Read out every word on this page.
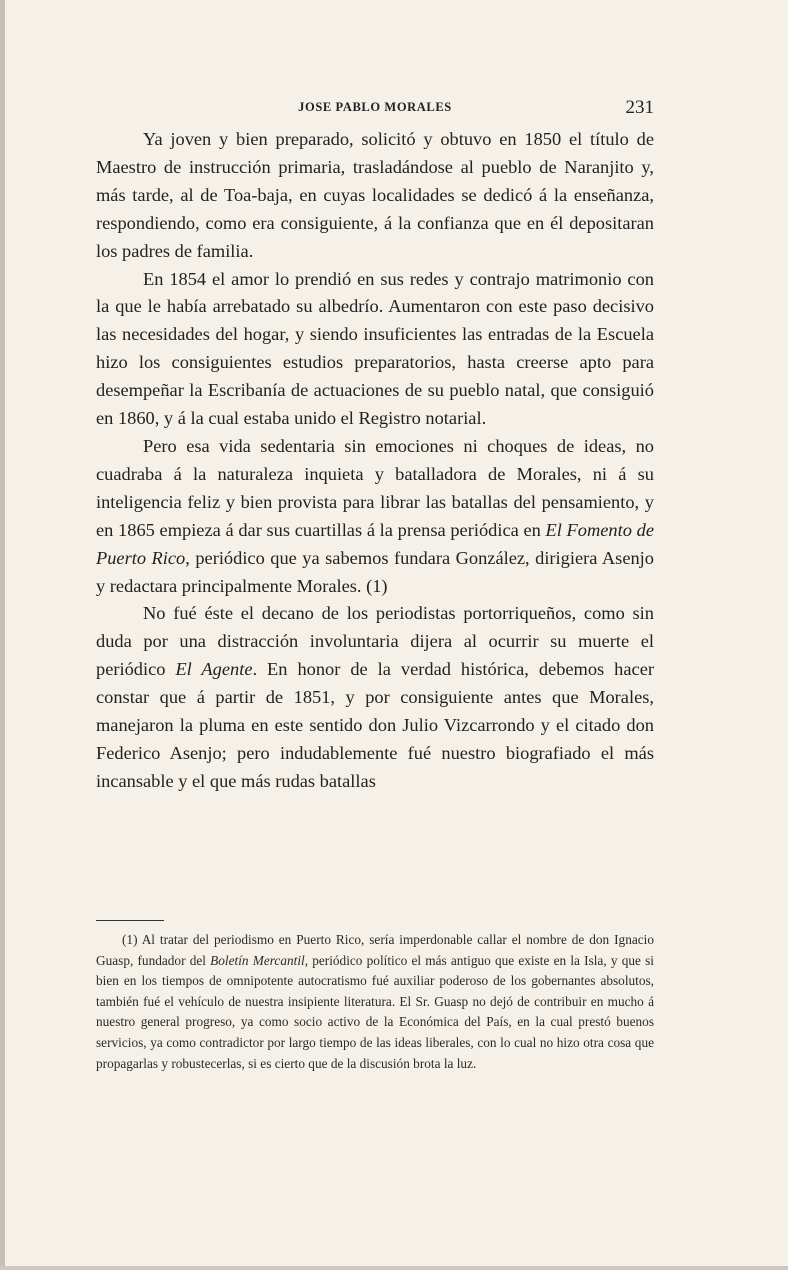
JOSE PABLO MORALES	231

Ya joven y bien preparado, solicitó y obtuvo en 1850 el título de Maestro de instrucción primaria, trasladándose al pueblo de Naranjito y, más tarde, al de Toa-baja, en cuyas localidades se dedicó á la enseñanza, respondiendo, como era consiguiente, á la confianza que en él depositaran los padres de familia.

En 1854 el amor lo prendió en sus redes y contrajo matrimonio con la que le había arrebatado su albedrío. Aumentaron con este paso decisivo las necesidades del hogar, y siendo insuficientes las entradas de la Escuela hizo los consiguientes estudios preparatorios, hasta creerse apto para desempeñar la Escribanía de actuaciones de su pueblo natal, que consiguió en 1860, y á la cual estaba unido el Registro notarial.

Pero esa vida sedentaria sin emociones ni choques de ideas, no cuadraba á la naturaleza inquieta y batalladora de Morales, ni á su inteligencia feliz y bien provista para librar las batallas del pensamiento, y en 1865 empieza á dar sus cuartillas á la prensa periódica en El Fomento de Puerto Rico, periódico que ya sabemos fundara González, dirigiera Asenjo y redactara principalmente Morales. (1)

No fué éste el decano de los periodistas portorriqueños, como sin duda por una distracción involuntaria dijera al ocurrir su muerte el periódico El Agente. En honor de la verdad histórica, debemos hacer constar que á partir de 1851, y por consiguiente antes que Morales, manejaron la pluma en este sentido don Julio Vizcarrondo y el citado don Federico Asenjo; pero indudablemente fué nuestro biografiado el más incansable y el que más rudas batallas

(1) Al tratar del periodismo en Puerto Rico, sería imperdonable callar el nombre de don Ignacio Guasp, fundador del Boletín Mercantil, periódico político el más antiguo que existe en la Isla, y que si bien en los tiempos de omnipotente autocratismo fué auxiliar poderoso de los gobernantes absolutos, también fué el vehículo de nuestra insipiente literatura. El Sr. Guasp no dejó de contribuir en mucho á nuestro general progreso, ya como socio activo de la Económica del País, en la cual prestó buenos servicios, ya como contradictor por largo tiempo de las ideas liberales, con lo cual no hizo otra cosa que propagarlas y robustecerlas, si es cierto que de la discusión brota la luz.
